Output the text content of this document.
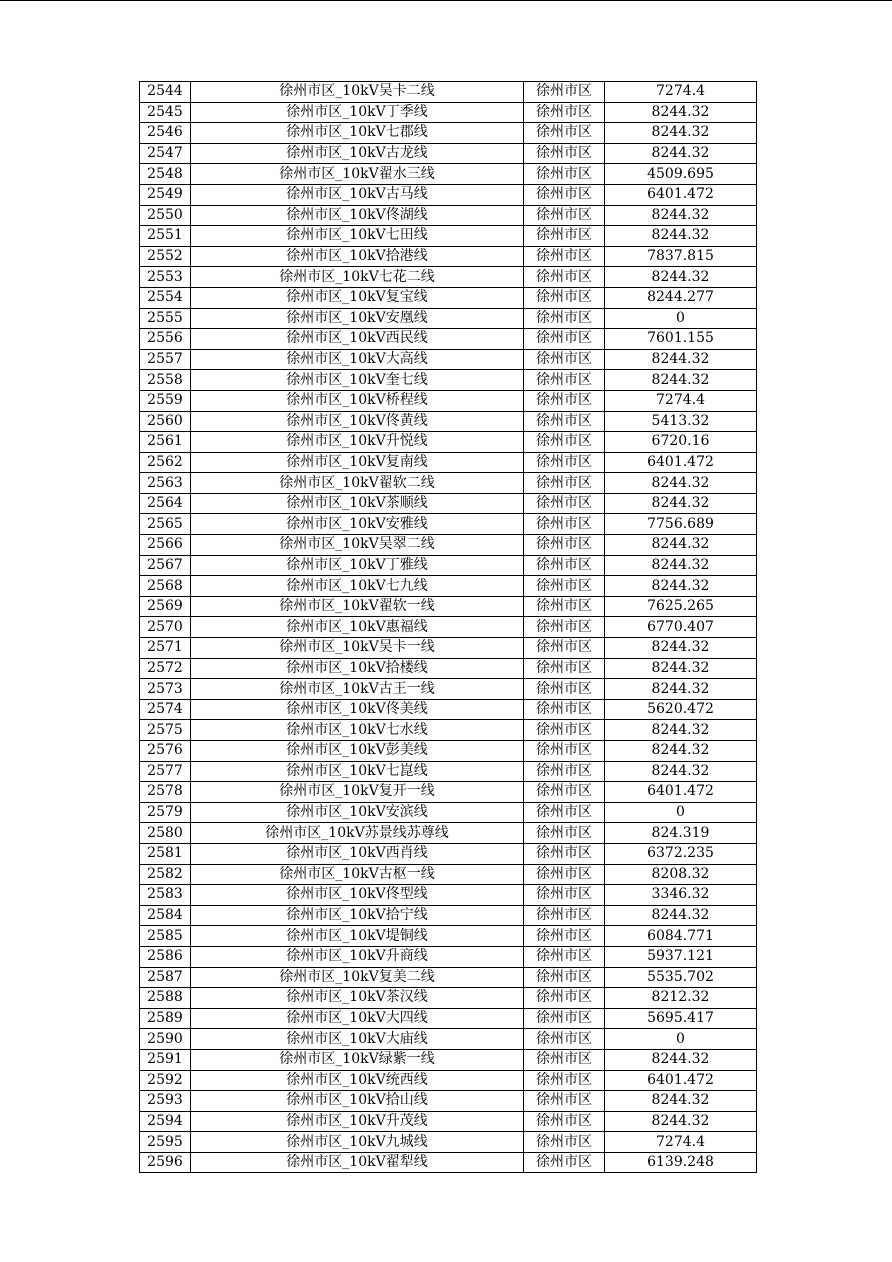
2544	徐州市区_10kV吴卡二线	徐州市区	7274.4
2545	徐州市区_10kV丁季线	徐州市区	8244.32
2546	徐州市区_10kV七郡线	徐州市区	8244.32
2547	徐州市区_10kV古龙线	徐州市区	8244.32
2548	徐州市区_10kV翟水三线	徐州市区	4509.695
2549	徐州市区_10kV古马线	徐州市区	6401.472
2550	徐州市区_10kV佟湖线	徐州市区	8244.32
2551	徐州市区_10kV七田线	徐州市区	8244.32
2552	徐州市区_10kV拾港线	徐州市区	7837.815
2553	徐州市区_10kV七花二线	徐州市区	8244.32
2554	徐州市区_10kV复宝线	徐州市区	8244.277
2555	徐州市区_10kV安凰线	徐州市区	0
2556	徐州市区_10kV西民线	徐州市区	7601.155
2557	徐州市区_10kV大高线	徐州市区	8244.32
2558	徐州市区_10kV奎七线	徐州市区	8244.32
2559	徐州市区_10kV桥程线	徐州市区	7274.4
2560	徐州市区_10kV佟黄线	徐州市区	5413.32
2561	徐州市区_10kV升悦线	徐州市区	6720.16
2562	徐州市区_10kV复南线	徐州市区	6401.472
2563	徐州市区_10kV翟软二线	徐州市区	8244.32
2564	徐州市区_10kV茶顺线	徐州市区	8244.32
2565	徐州市区_10kV安雅线	徐州市区	7756.689
2566	徐州市区_10kV吴翠二线	徐州市区	8244.32
2567	徐州市区_10kV丁雅线	徐州市区	8244.32
2568	徐州市区_10kV七九线	徐州市区	8244.32
2569	徐州市区_10kV翟软一线	徐州市区	7625.265
2570	徐州市区_10kV惠福线	徐州市区	6770.407
2571	徐州市区_10kV吴卡一线	徐州市区	8244.32
2572	徐州市区_10kV拾楼线	徐州市区	8244.32
2573	徐州市区_10kV古王一线	徐州市区	8244.32
2574	徐州市区_10kV佟美线	徐州市区	5620.472
2575	徐州市区_10kV七水线	徐州市区	8244.32
2576	徐州市区_10kV彭美线	徐州市区	8244.32
2577	徐州市区_10kV七崑线	徐州市区	8244.32
2578	徐州市区_10kV复开一线	徐州市区	6401.472
2579	徐州市区_10kV安滨线	徐州市区	0
2580	徐州市区_10kV苏景线苏尊线	徐州市区	824.319
2581	徐州市区_10kV西肖线	徐州市区	6372.235
2582	徐州市区_10kV古枢一线	徐州市区	8208.32
2583	徐州市区_10kV佟型线	徐州市区	3346.32
2584	徐州市区_10kV拾宁线	徐州市区	8244.32
2585	徐州市区_10kV堤铜线	徐州市区	6084.771
2586	徐州市区_10kV升商线	徐州市区	5937.121
2587	徐州市区_10kV复美二线	徐州市区	5535.702
2588	徐州市区_10kV茶汉线	徐州市区	8212.32
2589	徐州市区_10kV大四线	徐州市区	5695.417
2590	徐州市区_10kV大庙线	徐州市区	0
2591	徐州市区_10kV绿紫一线	徐州市区	8244.32
2592	徐州市区_10kV统西线	徐州市区	6401.472
2593	徐州市区_10kV拾山线	徐州市区	8244.32
2594	徐州市区_10kV升茂线	徐州市区	8244.32
2595	徐州市区_10kV九城线	徐州市区	7274.4
2596	徐州市区_10kV翟犁线	徐州市区	6139.248
